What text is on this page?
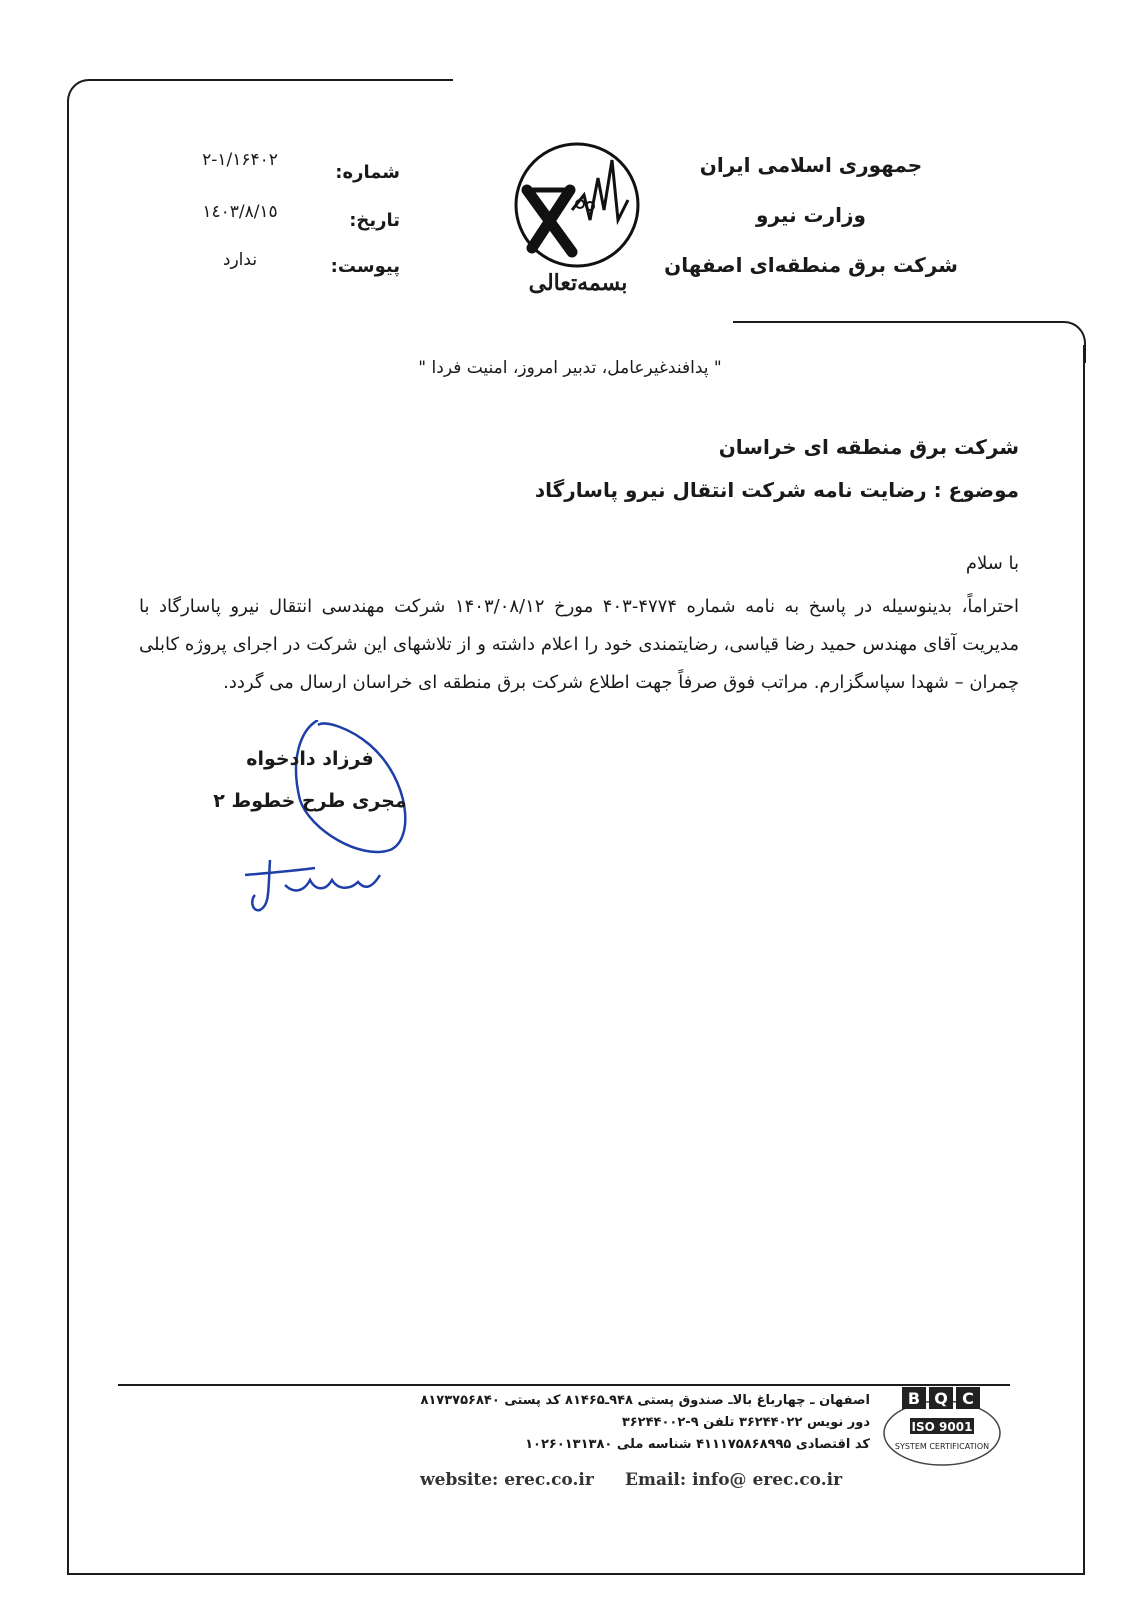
جمهوری اسلامی ایران
وزارت نیرو
شرکت برق منطقه‌ای اصفهان
بسمه‌تعالی
شماره:
۲-۱/۱۶۴۰۲
تاریخ:
١٤٠٣/٨/١٥
پیوست:
ندارد
" پدافندغیرعامل، تدبیر امروز، امنیت فردا "
شرکت برق منطقه ای خراسان
موضوع : رضایت نامه شرکت انتقال نیرو پاسارگاد
با سلام
احتراماً، بدینوسیله در پاسخ به نامه شماره ۴۷۷۴-۴۰۳ مورخ ۱۴۰۳/۰۸/۱۲ شرکت مهندسی انتقال نیرو پاسارگاد با مدیریت آقای مهندس حمید رضا قیاسی، رضایتمندی خود را اعلام داشته و از تلاشهای این شرکت در اجرای پروژه کابلی چمران – شهدا سپاسگزارم. مراتب فوق صرفاً جهت اطلاع شرکت برق منطقه ای خراسان ارسال می گردد.
فرزاد دادخواه
مجری طرح خطوط ۲
اصفهان ـ چهارباغ بالاـ صندوق پستی ۹۴۸ـ۸۱۴۶۵ کد پستی ۸۱۷۳۷۵۶۸۴۰
دور نویس ۳۶۲۴۴۰۲۲ تلفن ۹-۳۶۲۴۴۰۰۲
کد اقتصادی ۴۱۱۱۷۵۸۶۸۹۹۵ شناسه ملی ۱۰۲۶۰۱۳۱۳۸۰
website: erec.co.ir Email: info@ erec.co.ir
B Q C
ISO 9001
SYSTEM CERTIFICATION
